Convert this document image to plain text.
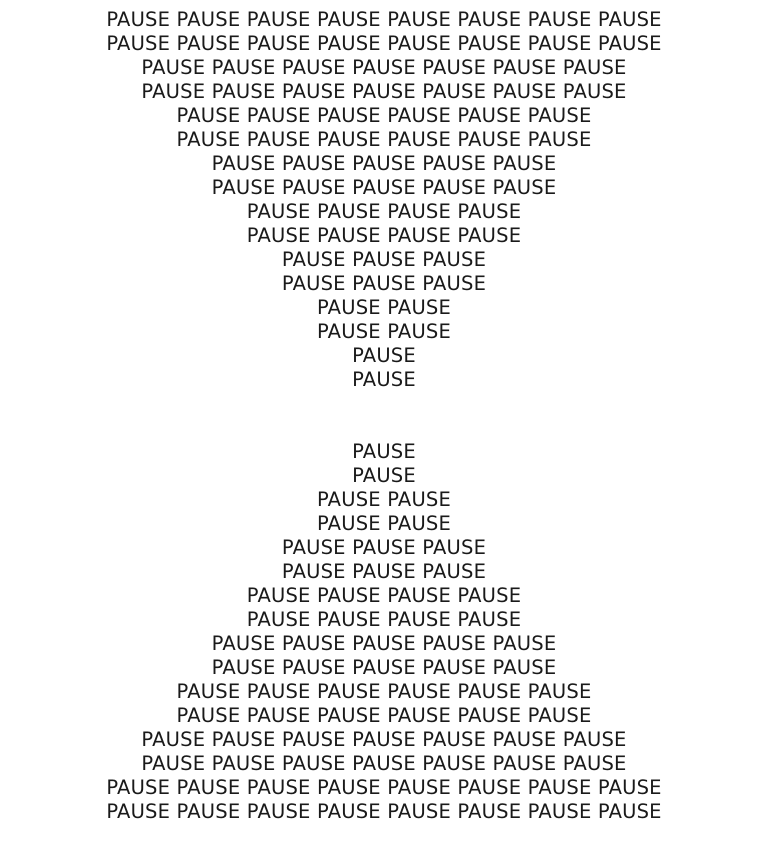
PAUSE PAUSE PAUSE PAUSE PAUSE PAUSE PAUSE PAUSE
PAUSE PAUSE PAUSE PAUSE PAUSE PAUSE PAUSE PAUSE
PAUSE PAUSE PAUSE PAUSE PAUSE PAUSE PAUSE
PAUSE PAUSE PAUSE PAUSE PAUSE PAUSE PAUSE
PAUSE PAUSE PAUSE PAUSE PAUSE PAUSE
PAUSE PAUSE PAUSE PAUSE PAUSE PAUSE
PAUSE PAUSE PAUSE PAUSE PAUSE
PAUSE PAUSE PAUSE PAUSE PAUSE
PAUSE PAUSE PAUSE PAUSE
PAUSE PAUSE PAUSE PAUSE
PAUSE PAUSE PAUSE
PAUSE PAUSE PAUSE
PAUSE PAUSE
PAUSE PAUSE
PAUSE
PAUSE
PAUSE
PAUSE
PAUSE PAUSE
PAUSE PAUSE
PAUSE PAUSE PAUSE
PAUSE PAUSE PAUSE
PAUSE PAUSE PAUSE PAUSE
PAUSE PAUSE PAUSE PAUSE
PAUSE PAUSE PAUSE PAUSE PAUSE
PAUSE PAUSE PAUSE PAUSE PAUSE
PAUSE PAUSE PAUSE PAUSE PAUSE PAUSE
PAUSE PAUSE PAUSE PAUSE PAUSE PAUSE
PAUSE PAUSE PAUSE PAUSE PAUSE PAUSE PAUSE
PAUSE PAUSE PAUSE PAUSE PAUSE PAUSE PAUSE
PAUSE PAUSE PAUSE PAUSE PAUSE PAUSE PAUSE PAUSE
PAUSE PAUSE PAUSE PAUSE PAUSE PAUSE PAUSE PAUSE
